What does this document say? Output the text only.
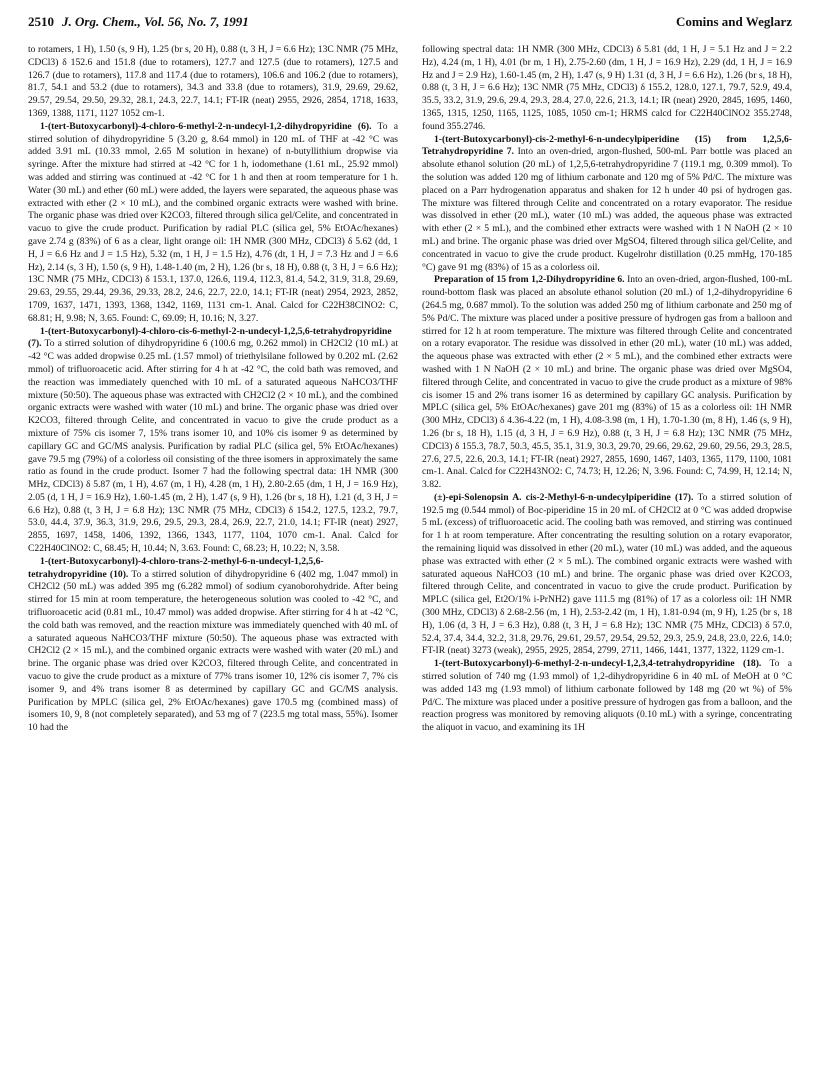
2510 J. Org. Chem., Vol. 56, No. 7, 1991	Comins and Weglarz

to rotamers, 1 H), 1.50 (s, 9 H), 1.25 (br s, 20 H), 0.88 (t, 3 H, J = 6.6 Hz); 13C NMR (75 MHz, CDCl3) δ 152.6 and 151.8 (due to rotamers), 127.7 and 127.5 (due to rotamers), 127.5 and 126.7 (due to rotamers), 117.8 and 117.4 (due to rotamers), 106.6 and 106.2 (due to rotamers), 81.7, 54.1 and 53.2 (due to rotamers), 34.3 and 33.8 (due to rotamers), 31.9, 29.69, 29.62, 29.57, 29.54, 29.50, 29.32, 28.1, 24.3, 22.7, 14.1; FT-IR (neat) 2955, 2926, 2854, 1718, 1633, 1369, 1388, 1171, 1127 1052 cm-1.

1-(tert-Butoxycarbonyl)-4-chloro-6-methyl-2-n-undecyl-1,2-dihydropyridine (6). To a stirred solution of dihydropyridine 5 (3.20 g, 8.64 mmol) in 120 mL of THF at -42 °C was added 3.91 mL (10.33 mmol, 2.65 M solution in hexane) of n-butyllithium dropwise via syringe. After the mixture had stirred at -42 °C for 1 h, iodomethane (1.61 mL, 25.92 mmol) was added and stirring was continued at -42 °C for 1 h and then at room temperature for 1 h. Water (30 mL) and ether (60 mL) were added, the layers were separated, the aqueous phase was extracted with ether (2 × 10 mL), and the combined organic extracts were washed with brine. The organic phase was dried over K2CO3, filtered through silica gel/Celite, and concentrated in vacuo to give the crude product. Purification by radial PLC (silica gel, 5% EtOAc/hexanes) gave 2.74 g (83%) of 6 as a clear, light orange oil: 1H NMR (300 MHz, CDCl3) δ 5.62 (dd, 1 H, J = 6.6 Hz and J = 1.5 Hz), 5.32 (m, 1 H, J = 1.5 Hz), 4.76 (dt, 1 H, J = 7.3 Hz and J = 6.6 Hz), 2.14 (s, 3 H), 1.50 (s, 9 H), 1.48-1.40 (m, 2 H), 1.26 (br s, 18 H), 0.88 (t, 3 H, J = 6.6 Hz); 13C NMR (75 MHz, CDCl3) δ 153.1, 137.0, 126.6, 119.4, 112.3, 81.4, 54.2, 31.9, 31.8, 29.69, 29.63, 29.55, 29.44, 29.36, 29.33, 28.2, 24.6, 22.7, 22.0, 14.1; FT-IR (neat) 2954, 2923, 2852, 1709, 1637, 1471, 1393, 1368, 1342, 1169, 1131 cm-1. Anal. Calcd for C22H38ClNO2: C, 68.81; H, 9.98; N, 3.65. Found: C, 69.09; H, 10.16; N, 3.27.

1-(tert-Butoxycarbonyl)-4-chloro-cis-6-methyl-2-n-undecyl-1,2,5,6-tetrahydropyridine (7). To a stirred solution of dihydropyridine 6 (100.6 mg, 0.262 mmol) in CH2Cl2 (10 mL) at -42 °C was added dropwise 0.25 mL (1.57 mmol) of triethylsilane followed by 0.202 mL (2.62 mmol) of trifluoroacetic acid. After stirring for 4 h at -42 °C, the cold bath was removed, and the reaction was immediately quenched with 10 mL of a saturated aqueous NaHCO3/THF mixture (50:50). The aqueous phase was extracted with CH2Cl2 (2 × 10 mL), and the combined organic extracts were washed with water (10 mL) and brine. The organic phase was dried over K2CO3, filtered through Celite, and concentrated in vacuo to give the crude product as a mixture of 75% cis isomer 7, 15% trans isomer 10, and 10% cis isomer 9 as determined by capillary GC and GC/MS analysis. Purification by radial PLC (silica gel, 5% EtOAc/hexanes) gave 79.5 mg (79%) of a colorless oil consisting of the three isomers in approximately the same ratio as found in the crude product. Isomer 7 had the following spectral data: 1H NMR (300 MHz, CDCl3) δ 5.87 (m, 1 H), 4.67 (m, 1 H), 4.28 (m, 1 H), 2.80-2.65 (dm, 1 H, J = 16.9 Hz), 2.05 (d, 1 H, J = 16.9 Hz), 1.60-1.45 (m, 2 H), 1.47 (s, 9 H), 1.26 (br s, 18 H), 1.21 (d, 3 H, J = 6.6 Hz), 0.88 (t, 3 H, J = 6.8 Hz); 13C NMR (75 MHz, CDCl3) δ 154.2, 127.5, 123.2, 79.7, 53.0, 44.4, 37.9, 36.3, 31.9, 29.6, 29.5, 29.3, 28.4, 26.9, 22.7, 21.0, 14.1; FT-IR (neat) 2927, 2855, 1697, 1458, 1406, 1392, 1366, 1343, 1177, 1104, 1070 cm-1. Anal. Calcd for C22H40ClNO2: C, 68.45; H, 10.44; N, 3.63. Found: C, 68.23; H, 10.22; N, 3.58.

1-(tert-Butoxycarbonyl)-4-chloro-trans-2-methyl-6-n-undecyl-1,2,5,6-tetrahydropyridine (10). To a stirred solution of dihydropyridine 6 (402 mg, 1.047 mmol) in CH2Cl2 (50 mL) was added 395 mg (6.282 mmol) of sodium cyanoborohydride. After being stirred for 15 min at room temperature, the heterogeneous solution was cooled to -42 °C, and trifluoroacetic acid (0.81 mL, 10.47 mmol) was added dropwise. After stirring for 4 h at -42 °C, the cold bath was removed, and the reaction mixture was immediately quenched with 40 mL of a saturated aqueous NaHCO3/THF mixture (50:50). The aqueous phase was extracted with CH2Cl2 (2 × 15 mL), and the combined organic extracts were washed with water (20 mL) and brine. The organic phase was dried over K2CO3, filtered through Celite, and concentrated in vacuo to give the crude product as a mixture of 77% trans isomer 10, 12% cis isomer 7, 7% cis isomer 9, and 4% trans isomer 8 as determined by capillary GC and GC/MS analysis. Purification by MPLC (silica gel, 2% EtOAc/hexanes) gave 170.5 mg (combined mass) of isomers 10, 9, 8 (not completely separated), and 53 mg of 7 (223.5 mg total mass, 55%). Isomer 10 had the

following spectral data: 1H NMR (300 MHz, CDCl3) δ 5.81 (dd, 1 H, J = 5.1 Hz and J = 2.2 Hz), 4.24 (m, 1 H), 4.01 (br m, 1 H), 2.75-2.60 (dm, 1 H, J = 16.9 Hz), 2.29 (dd, 1 H, J = 16.9 Hz and J = 2.9 Hz), 1.60-1.45 (m, 2 H), 1.47 (s, 9 H) 1.31 (d, 3 H, J = 6.6 Hz), 1.26 (br s, 18 H), 0.88 (t, 3 H, J = 6.6 Hz); 13C NMR (75 MHz, CDCl3) δ 155.2, 128.0, 127.1, 79.7, 52.9, 49.4, 35.5, 33.2, 31.9, 29.6, 29.4, 29.3, 28.4, 27.0, 22.6, 21.3, 14.1; IR (neat) 2920, 2845, 1695, 1460, 1365, 1315, 1250, 1165, 1125, 1085, 1050 cm-1; HRMS calcd for C22H40ClNO2 355.2748, found 355.2746.

1-(tert-Butoxycarbonyl)-cis-2-methyl-6-n-undecylpiperidine (15) from 1,2,5,6-Tetrahydropyridine 7. Into an oven-dried, argon-flushed, 500-mL Parr bottle was placed an absolute ethanol solution (20 mL) of 1,2,5,6-tetrahydropyridine 7 (119.1 mg, 0.309 mmol). To the solution was added 120 mg of lithium carbonate and 120 mg of 5% Pd/C. The mixture was placed on a Parr hydrogenation apparatus and shaken for 12 h under 40 psi of hydrogen gas. The mixture was filtered through Celite and concentrated on a rotary evaporator. The residue was dissolved in ether (20 mL), water (10 mL) was added, the aqueous phase was extracted with ether (2 × 5 mL), and the combined ether extracts were washed with 1 N NaOH (2 × 10 mL) and brine. The organic phase was dried over MgSO4, filtered through silica gel/Celite, and concentrated in vacuo to give the crude product. Kugelrohr distillation (0.25 mmHg, 170-185 °C) gave 91 mg (83%) of 15 as a colorless oil.

Preparation of 15 from 1,2-Dihydropyridine 6. Into an oven-dried, argon-flushed, 100-mL round-bottom flask was placed an absolute ethanol solution (20 mL) of 1,2-dihydropyridine 6 (264.5 mg, 0.687 mmol). To the solution was added 250 mg of lithium carbonate and 250 mg of 5% Pd/C. The mixture was placed under a positive pressure of hydrogen gas from a balloon and stirred for 12 h at room temperature. The mixture was filtered through Celite and concentrated on a rotary evaporator. The residue was dissolved in ether (20 mL), water (10 mL) was added, the aqueous phase was extracted with ether (2 × 5 mL), and the combined ether extracts were washed with 1 N NaOH (2 × 10 mL) and brine. The organic phase was dried over MgSO4, filtered through Celite, and concentrated in vacuo to give the crude product as a mixture of 98% cis isomer 15 and 2% trans isomer 16 as determined by capillary GC analysis. Purification by MPLC (silica gel, 5% EtOAc/hexanes) gave 201 mg (83%) of 15 as a colorless oil: 1H NMR (300 MHz, CDCl3) δ 4.36-4.22 (m, 1 H), 4.08-3.98 (m, 1 H), 1.70-1.30 (m, 8 H), 1.46 (s, 9 H), 1.26 (br s, 18 H), 1.15 (d, 3 H, J = 6.9 Hz), 0.88 (t, 3 H, J = 6.8 Hz); 13C NMR (75 MHz, CDCl3) δ 155.3, 78.7, 50.3, 45.5, 35.1, 31.9, 30.3, 29.70, 29.66, 29.62, 29.60, 29.56, 29.3, 28.5, 27.6, 27.5, 22.6, 20.3, 14.1; FT-IR (neat) 2927, 2855, 1690, 1467, 1403, 1365, 1179, 1100, 1081 cm-1. Anal. Calcd for C22H43NO2: C, 74.73; H, 12.26; N, 3.96. Found: C, 74.99, H, 12.14; N, 3.82.

(±)-epi-Solenopsin A. cis-2-Methyl-6-n-undecylpiperidine (17). To a stirred solution of 192.5 mg (0.544 mmol) of Boc-piperidine 15 in 20 mL of CH2Cl2 at 0 °C was added dropwise 5 mL (excess) of trifluoroacetic acid. The cooling bath was removed, and stirring was continued for 1 h at room temperature. After concentrating the resulting solution on a rotary evaporator, the remaining liquid was dissolved in ether (20 mL), water (10 mL) was added, and the aqueous phase was extracted with ether (2 × 5 mL). The combined organic extracts were washed with saturated aqueous NaHCO3 (10 mL) and brine. The organic phase was dried over K2CO3, filtered through Celite, and concentrated in vacuo to give the crude product. Purification by MPLC (silica gel, Et2O/1% i-PrNH2) gave 111.5 mg (81%) of 17 as a colorless oil: 1H NMR (300 MHz, CDCl3) δ 2.68-2.56 (m, 1 H), 2.53-2.42 (m, 1 H), 1.81-0.94 (m, 9 H), 1.25 (br s, 18 H), 1.06 (d, 3 H, J = 6.3 Hz), 0.88 (t, 3 H, J = 6.8 Hz); 13C NMR (75 MHz, CDCl3) δ 57.0, 52.4, 37.4, 34.4, 32.2, 31.8, 29.76, 29.61, 29.57, 29.54, 29.52, 29.3, 25.9, 24.8, 23.0, 22.6, 14.0; FT-IR (neat) 3273 (weak), 2955, 2925, 2854, 2799, 2711, 1466, 1441, 1377, 1322, 1129 cm-1.

1-(tert-Butoxycarbonyl)-6-methyl-2-n-undecyl-1,2,3,4-tetrahydropyridine (18). To a stirred solution of 740 mg (1.93 mmol) of 1,2-dihydropyridine 6 in 40 mL of MeOH at 0 °C was added 143 mg (1.93 mmol) of lithium carbonate followed by 148 mg (20 wt %) of 5% Pd/C. The mixture was placed under a positive pressure of hydrogen gas from a balloon, and the reaction progress was monitored by removing aliquots (0.10 mL) with a syringe, concentrating the aliquot in vacuo, and examining its 1H
